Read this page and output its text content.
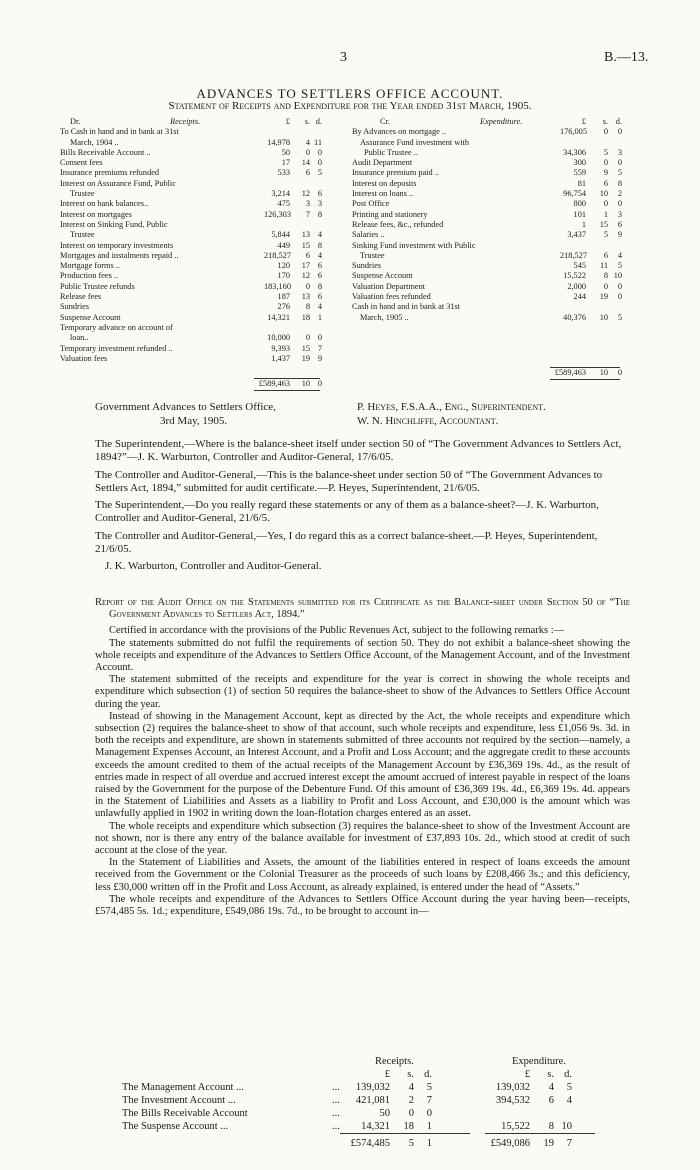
3	B.—13.
ADVANCES TO SETTLERS OFFICE ACCOUNT.
Statement of Receipts and Expenditure for the Year ended 31st March, 1905.
Dr.	Receipts.	£	s. d.
To Cash in hand and in bank at 31st
March, 1904 ..	14,978	4 11
Bills Receivable Account ..	50	0 0
Consent fees	17	14 0
Insurance premiums refunded	533	6 5
Interest on Assurance Fund, Public
Trustee	3,214	12 6
Interest on bank balances..	475	3 3
Interest on mortgages	126,303	7 8
Interest on Sinking Fund, Public
Trustee	5,844	13 4
Interest on temporary investments	449	15 8
Mortgages and instalments repaid ..	218,527	6 4
Mortgage forms ..	120	17 6
Production fees ..	170	12 6
Public Trustee refunds	183,160	0 8
Release fees	187	13 6
Sundries	276	8 4
Suspense Account	14,321	18 1
Temporary advance on account of
loan..	10,000	0 0
Temporary investment refunded ..	9,393	15 7
Valuation fees	1,437	19 9
£589,463	10 0
Cr.	Expenditure.	£	s. d.
By Advances on mortgage ..	176,005	0	0
Assurance Fund investment with
Public Trustee ..	34,306	5	3
Audit Department	300	0	0
Insurance premium paid ..	559	9	5
Interest on deposits	81	6	8
Interest on loans ..	96,754	10	2
Post Office	800	0	0
Printing and stationery	101	1	3
Release fees, &c., refunded	1	15	6
Salaries ..	3,437	5	9
Sinking Fund investment with Public
Trustee	218,527	6	4
Sundries	545	11	5
Suspense Account	15,522	8 10
Valuation Department	2,000	0	0
Valuation fees refunded	244	19	0
Cash in hand and in bank at 31st
March, 1905 ..	40,376	10	5
£589,463	10	0
Government Advances to Settlers Office,
3rd May, 1905.
P. Heyes, F.S.A.A., Eng., Superintendent.
W. N. Hinchliffe, Accountant.

The Superintendent,—Where is the balance-sheet itself under section 50 of “The Government Advances to Settlers Act, 1894?”—J. K. Warburton, Controller and Auditor-General, 17/6/05.

The Controller and Auditor-General,—This is the balance-sheet under section 50 of “The Government Advances to Settlers Act, 1894,” submitted for audit certificate.—P. Heyes, Superintendent, 21/6/05.

The Superintendent,—Do you really regard these statements or any of them as a balance-sheet?—J. K. Warburton, Controller and Auditor-General, 21/6/5.

The Controller and Auditor-General,—Yes, I do regard this as a correct balance-sheet.—P. Heyes, Superintendent, 21/6/05.

J. K. Warburton, Controller and Auditor-General.

Report of the Audit Office on the Statements submitted for its Certificate as the Balance-sheet under Section 50 of “The Government Advances to Settlers Act, 1894.”

Certified in accordance with the provisions of the Public Revenues Act, subject to the following remarks :—

The statements submitted do not fulfil the requirements of section 50. They do not exhibit a balance-sheet showing the whole receipts and expenditure of the Advances to Settlers Office Account, of the Management Account, and of the Investment Account.

The statement submitted of the receipts and expenditure for the year is correct in showing the whole receipts and expenditure which subsection (1) of section 50 requires the balance-sheet to show of the Advances to Settlers Office Account during the year.

Instead of showing in the Management Account, kept as directed by the Act, the whole receipts and expenditure which subsection (2) requires the balance-sheet to show of that account, such whole receipts and expenditure, less £1,056 9s. 3d. in both the receipts and expenditure, are shown in statements submitted of three accounts not required by the section—namely, a Management Expenses Account, an Interest Account, and a Profit and Loss Account; and the aggregate credit to these accounts exceeds the amount credited to them of the actual receipts of the Management Account by £36,369 19s. 4d., as the result of entries made in respect of all overdue and accrued interest except the amount accrued of interest payable in respect of the loans raised by the Government for the purpose of the Debenture Fund. Of this amount of £36,369 19s. 4d., £6,369 19s. 4d. appears in the Statement of Liabilities and Assets as a liability to Profit and Loss Account, and £30,000 is the amount which was unlawfully applied in 1902 in writing down the loan-flotation charges entered as an asset.

The whole receipts and expenditure which subsection (3) requires the balance-sheet to show of the Investment Account are not shown, nor is there any entry of the balance available for investment of £37,893 10s. 2d., which stood at credit of such account at the close of the year.

In the Statement of Liabilities and Assets, the amount of the liabilities entered in respect of loans exceeds the amount received from the Government or the Colonial Treasurer as the proceeds of such loans by £208,466 3s.; and this deficiency, less £30,000 written off in the Profit and Loss Account, as already explained, is entered under the head of “Assets.”

The whole receipts and expenditure of the Advances to Settlers Office Account during the year having been—receipts, £574,485 5s. 1d.; expenditure, £549,086 19s. 7d., to be brought to account in—

Receipts.	Expenditure.
£	s. d.	£	s. d.
The Management Account ...	...	139,032	4	5	139,032	4	5
The Investment Account ...	...	421,081	2	7	394,532	6	4
The Bills Receivable Account	...	50	0	0
The Suspense Account ...	...	14,321	18	1	15,522	8 10
£574,485	5	1	£549,086	19	7
